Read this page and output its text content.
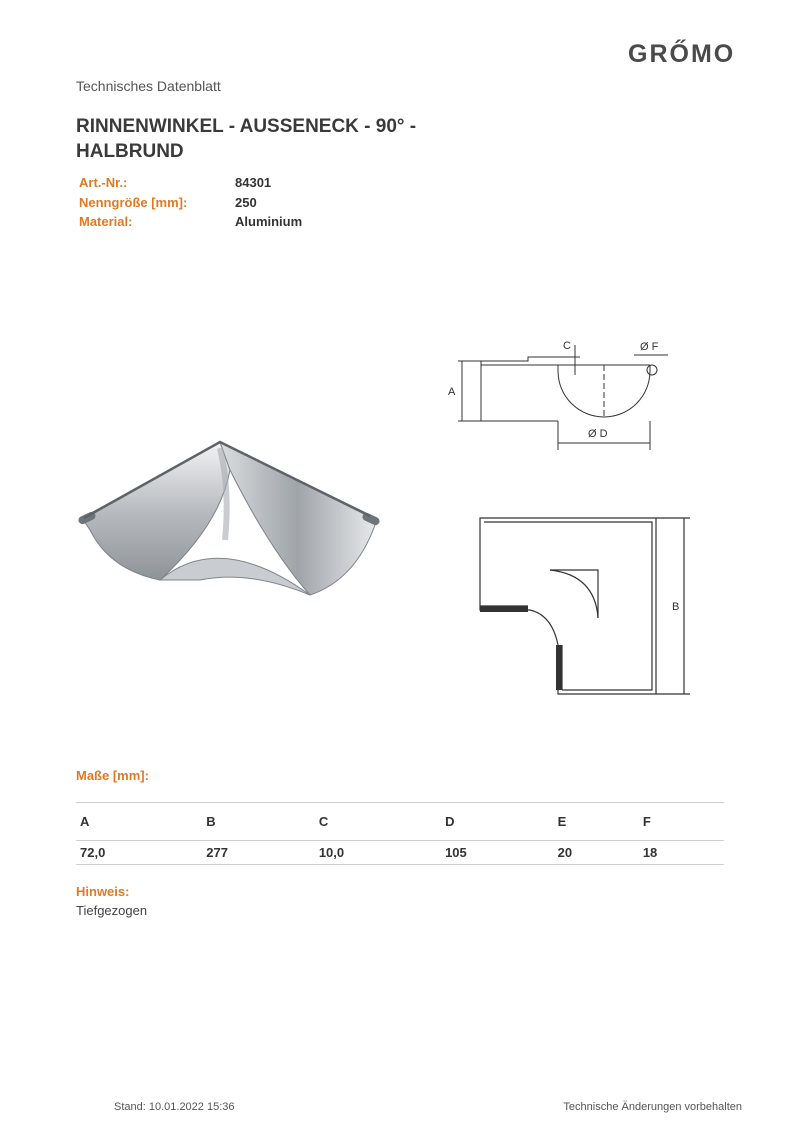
GRŐMO
Technisches Datenblatt
RINNENWINKEL - AUSSENECK - 90° - HALBRUND
Art.-Nr.:	84301
Nenngröße [mm]:	250
Material:	Aluminium
A
Ø D
C	Ø F
B
Maße [mm]:
A	B	C	D	E	F
72,0	277	10,0	105	20	18
Hinweis:
Tiefgezogen
Stand: 10.01.2022 15:36	Technische Änderungen vorbehalten
